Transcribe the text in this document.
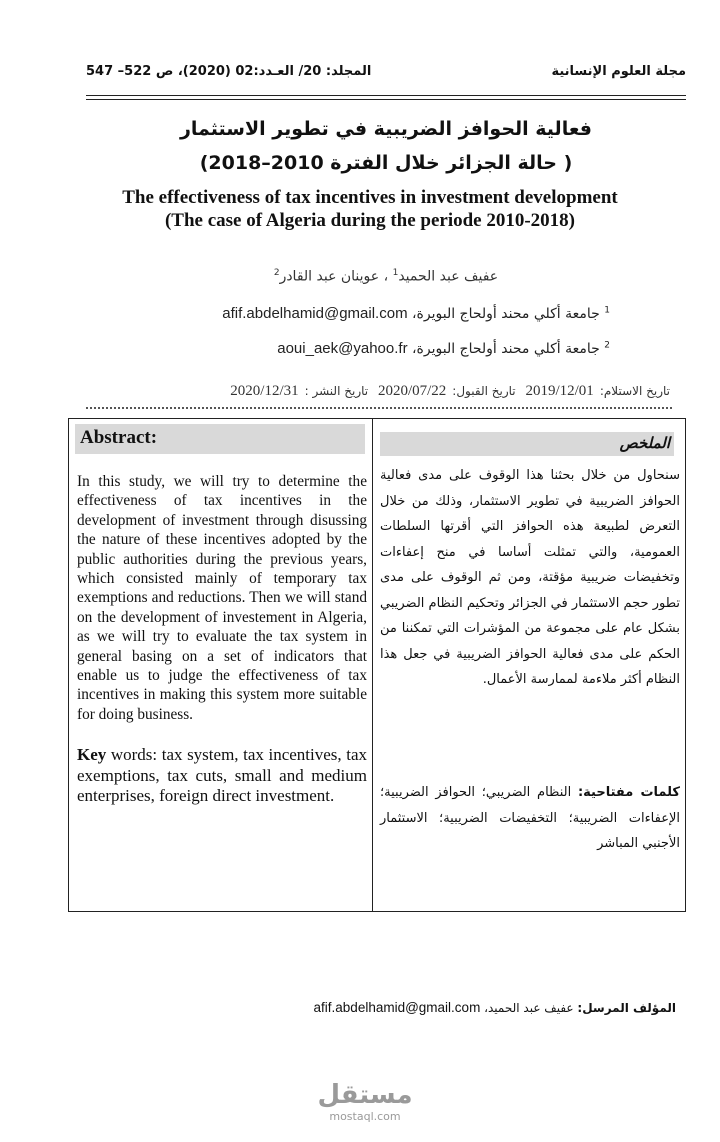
مجلة العلوم الإنسانية
المجلد: 20/ العـدد:02 (2020)، ص 522– 547
فعالية الحوافز الضريبية في تطوير الاستثمار
( حالة الجزائر خلال الفترة 2010–2018)
The effectiveness of tax incentives in investment development
(The case of Algeria during the periode 2010-2018)
عفيف عبد الحميد$^1$ ، عوينان عبد القادر$^2$
$^1$ جامعة أكلي محند أولحاج البويرة، afif.abdelhamid@gmail.com
$^2$ جامعة أكلي محند أولحاج البويرة، aoui_aek@yahoo.fr
تاريخ الاستلام:2019/12/01 تاريخ القبول:2020/07/22 تاريخ النشر :2020/12/31
Abstract:
In this study, we will try to determine the effectiveness of tax incentives in the development of investment through disussing the nature of these incentives adopted by the public authorities during the previous years, which consisted mainly of temporary tax exemptions and reductions. Then we will stand on the development of investement in Algeria, as we will try to evaluate the tax system in general basing on a set of indicators that enable us to judge the effectiveness of tax incentives in making this system more suitable for doing business.
Key words: tax system, tax incentives, tax exemptions, tax cuts, small and medium enterprises, foreign direct investment.
الملخص
سنحاول من خلال بحثنا هذا الوقوف على مدى فعالية الحوافز الضريبية في تطوير الاستثمار، وذلك من خلال التعرض لطبيعة هذه الحوافز التي أقرتها السلطات العمومية، والتي تمثلت أساسا في منح إعفاءات وتخفيضات ضريبية مؤقتة، ومن ثم الوقوف على مدى تطور حجم الاستثمار في الجزائر وتحكيم النظام الضريبي بشكل عام على مجموعة من المؤشرات التي تمكننا من الحكم على مدى فعالية الحوافز الضريبية في جعل هذا النظام أكثر ملاءمة لممارسة الأعمال.
كلمات مفتاحية: النظام الضريبي؛ الحوافز الضريبية؛ الإعفاءات الضريبية؛ التخفيضات الضريبية؛ الاستثمار الأجنبي المباشر
المؤلف المرسل: عفيف عبد الحميد، afif.abdelhamid@gmail.com
مستقل
mostaql.com
